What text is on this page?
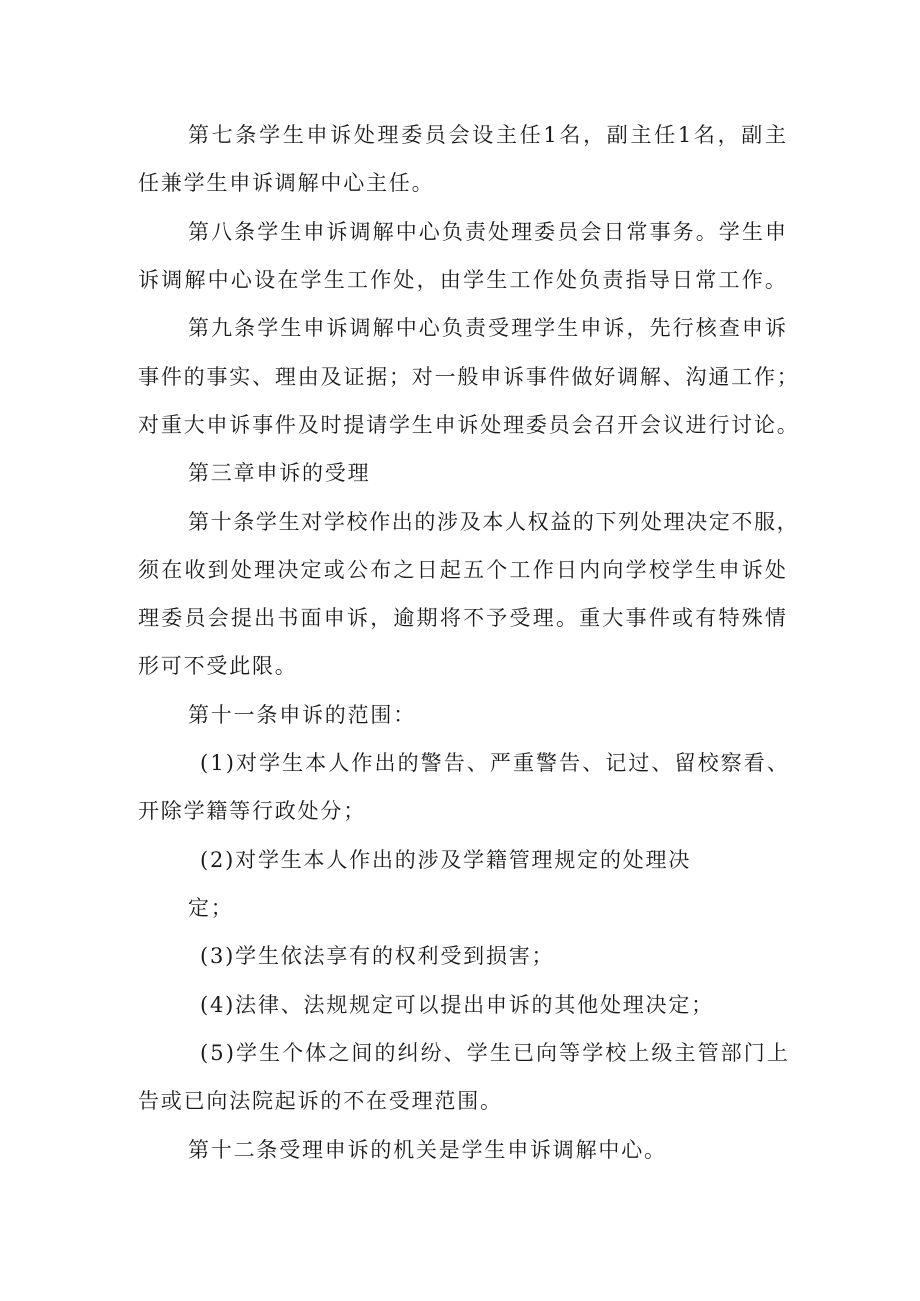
第 七 条 学 生 申 诉 处 理 委 员 会 设 主 任 1 名 ， 副 主 任 1 名 ， 副 主
任兼学生申诉调解中心主任。
第 八 条 学 生 申 诉 调 解 中 心 负 责 处 理 委 员 会 日 常 事 务 。 学 生 申
诉 调 解 中 心 设 在 学 生 工 作 处 ， 由 学 生 工 作 处 负 责 指 导 日 常 工 作 。
第 九 条 学 生 申 诉 调 解 中 心 负 责 受 理 学 生 申 诉 ， 先 行 核 查 申 诉
事 件 的 事 实 、 理 由 及 证 据 ； 对 一 般 申 诉 事 件 做 好 调 解 、 沟 通 工 作 ；
对 重 大 申 诉 事 件 及 时 提 请 学 生 申 诉 处 理 委 员 会 召 开 会 议 进 行 讨 论 。
第三章申诉的受理
第 十 条 学 生 对 学 校 作 出 的 涉 及 本 人 权 益 的 下 列 处 理 决 定 不 服 ，
须 在 收 到 处 理 决 定 或 公 布 之 日 起 五 个 工 作 日 内 向 学 校 学 生 申 诉 处
理 委 员 会 提 出 书 面 申 诉 ， 逾 期 将 不 予 受 理 。 重 大 事 件 或 有 特 殊 情
形可不受此限。
第十一条申诉的范围：
( 1 ) 对 学 生 本 人 作 出 的 警 告 、 严 重 警 告 、 记 过 、 留 校 察 看 、
开除学籍等行政处分；
(2)对学生本人作出的涉及学籍管理规定的处理决
定；
(3)学生依法享有的权利受到损害；
(4)法律、法规规定可以提出申诉的其他处理决定；
( 5 ) 学 生 个 体 之 间 的 纠 纷 、 学 生 已 向 等 学 校 上 级 主 管 部 门 上
告或已向法院起诉的不在受理范围。
第十二条受理申诉的机关是学生申诉调解中心。
